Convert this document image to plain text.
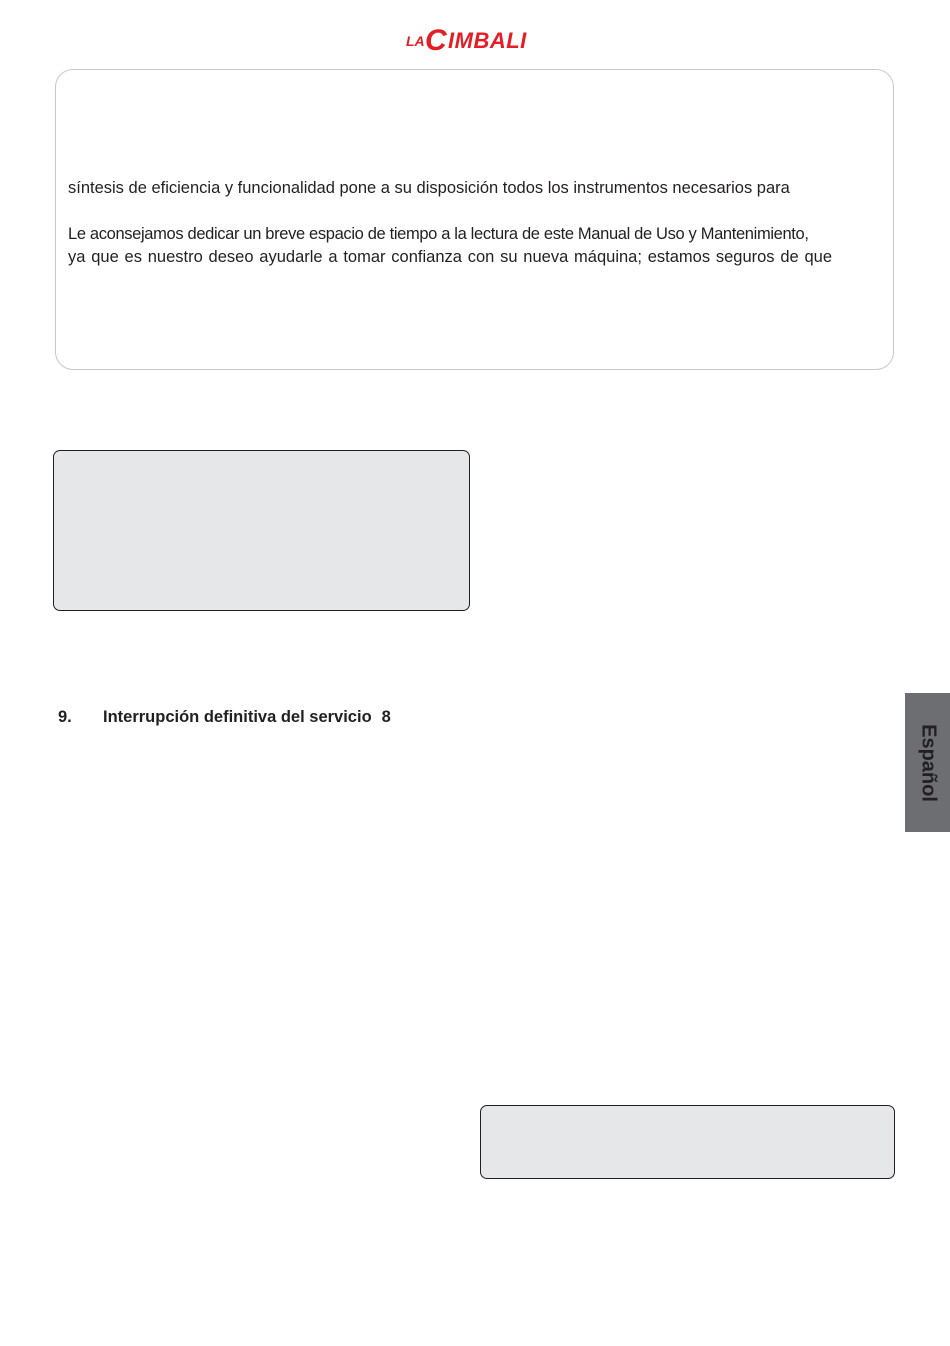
LA C IMBALI

síntesis de eficiencia y funcionalidad pone a su disposición todos los instrumentos necesarios para

Le aconsejamos dedicar un breve espacio de tiempo a la lectura de este Manual de Uso y Mantenimiento,

ya que es nuestro deseo ayudarle a tomar confianza con su nueva máquina; estamos seguros de que

9. Interrupción definitiva del servicio 8
Español
